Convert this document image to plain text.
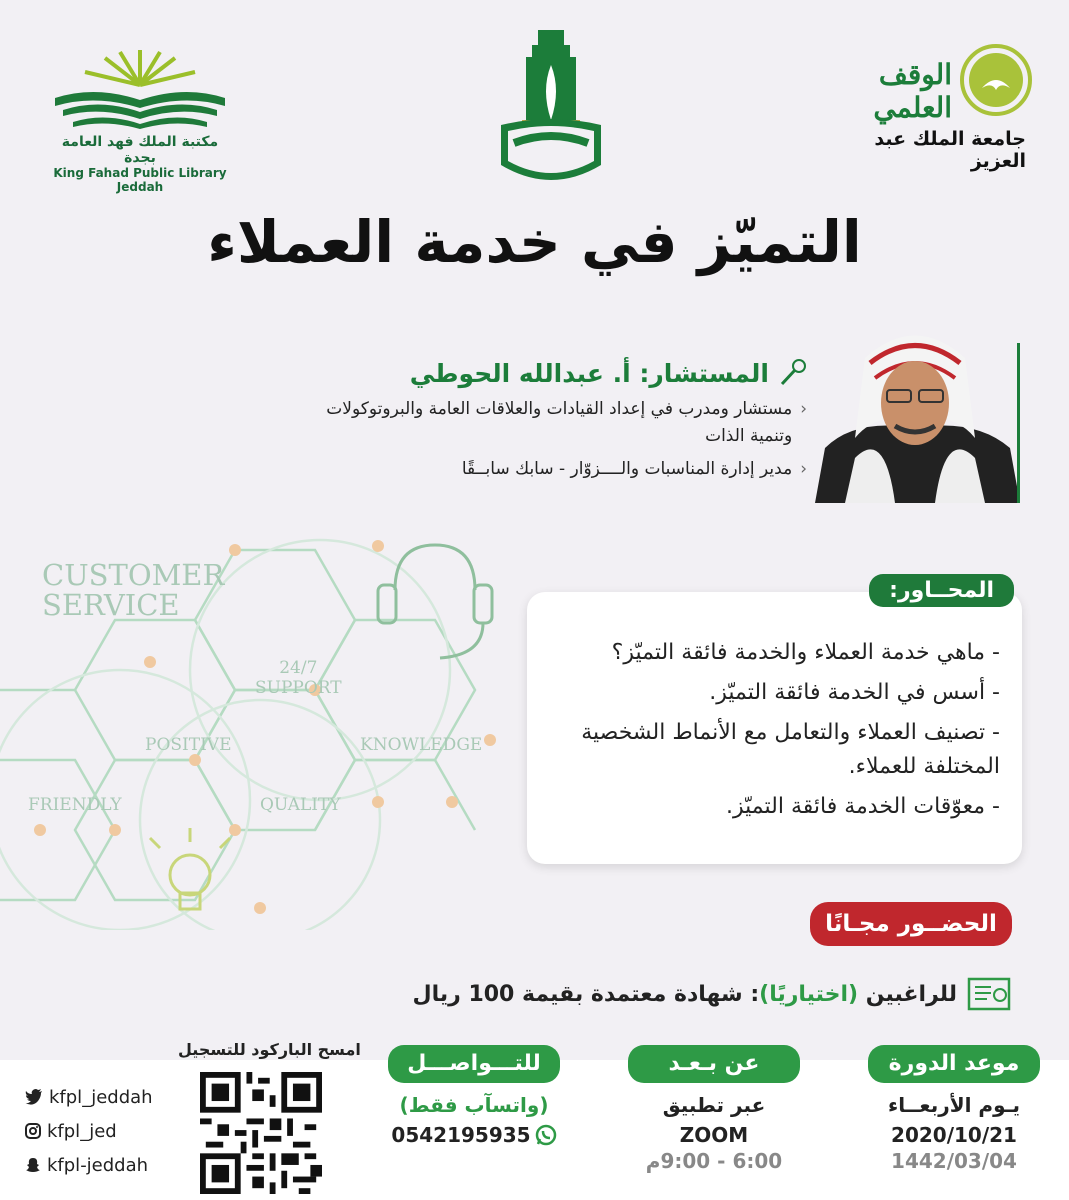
مكتبة الملك فهد العامة بجدة
King Fahad Public Library Jeddah
الوقف العلمي
جامعة الملك عبد العزيز
التميّز في خدمة العملاء
المستشار: أ. عبدالله الحوطي
‹
مستشار ومدرب في إعداد القيادات والعلاقات العامة والبروتوكولات وتنمية الذات
‹
مدير إدارة المناسبات والــــزوّار - سابك سابــقًا
CUSTOMER
SERVICE
24/7
SUPPORT
POSITIVE	KNOWLEDGE
FRIENDLY	QUALITY
المحــاور:
- ماهي خدمة العملاء والخدمة فائقة التميّز؟
- أسس في الخدمة فائقة التميّز.
- تصنيف العملاء والتعامل مع الأنماط الشخصية المختلفة للعملاء.
- معوّقات الخدمة فائقة التميّز.
الحضــور مجـانًا
للراغبين (اختياريًا): شهادة معتمدة بقيمة 100 ريال
kfpl_jeddah
kfpl_jed
kfpl-jeddah
امسح الباركود للتسجيل
للتـــواصـــل
(واتسآب فقط)
0542195935
عن بـعـد
عبر تطبيق
ZOOM
6:00 - 9:00م
موعد الدورة
يـوم الأربعــاء
2020/10/21
1442/03/04
